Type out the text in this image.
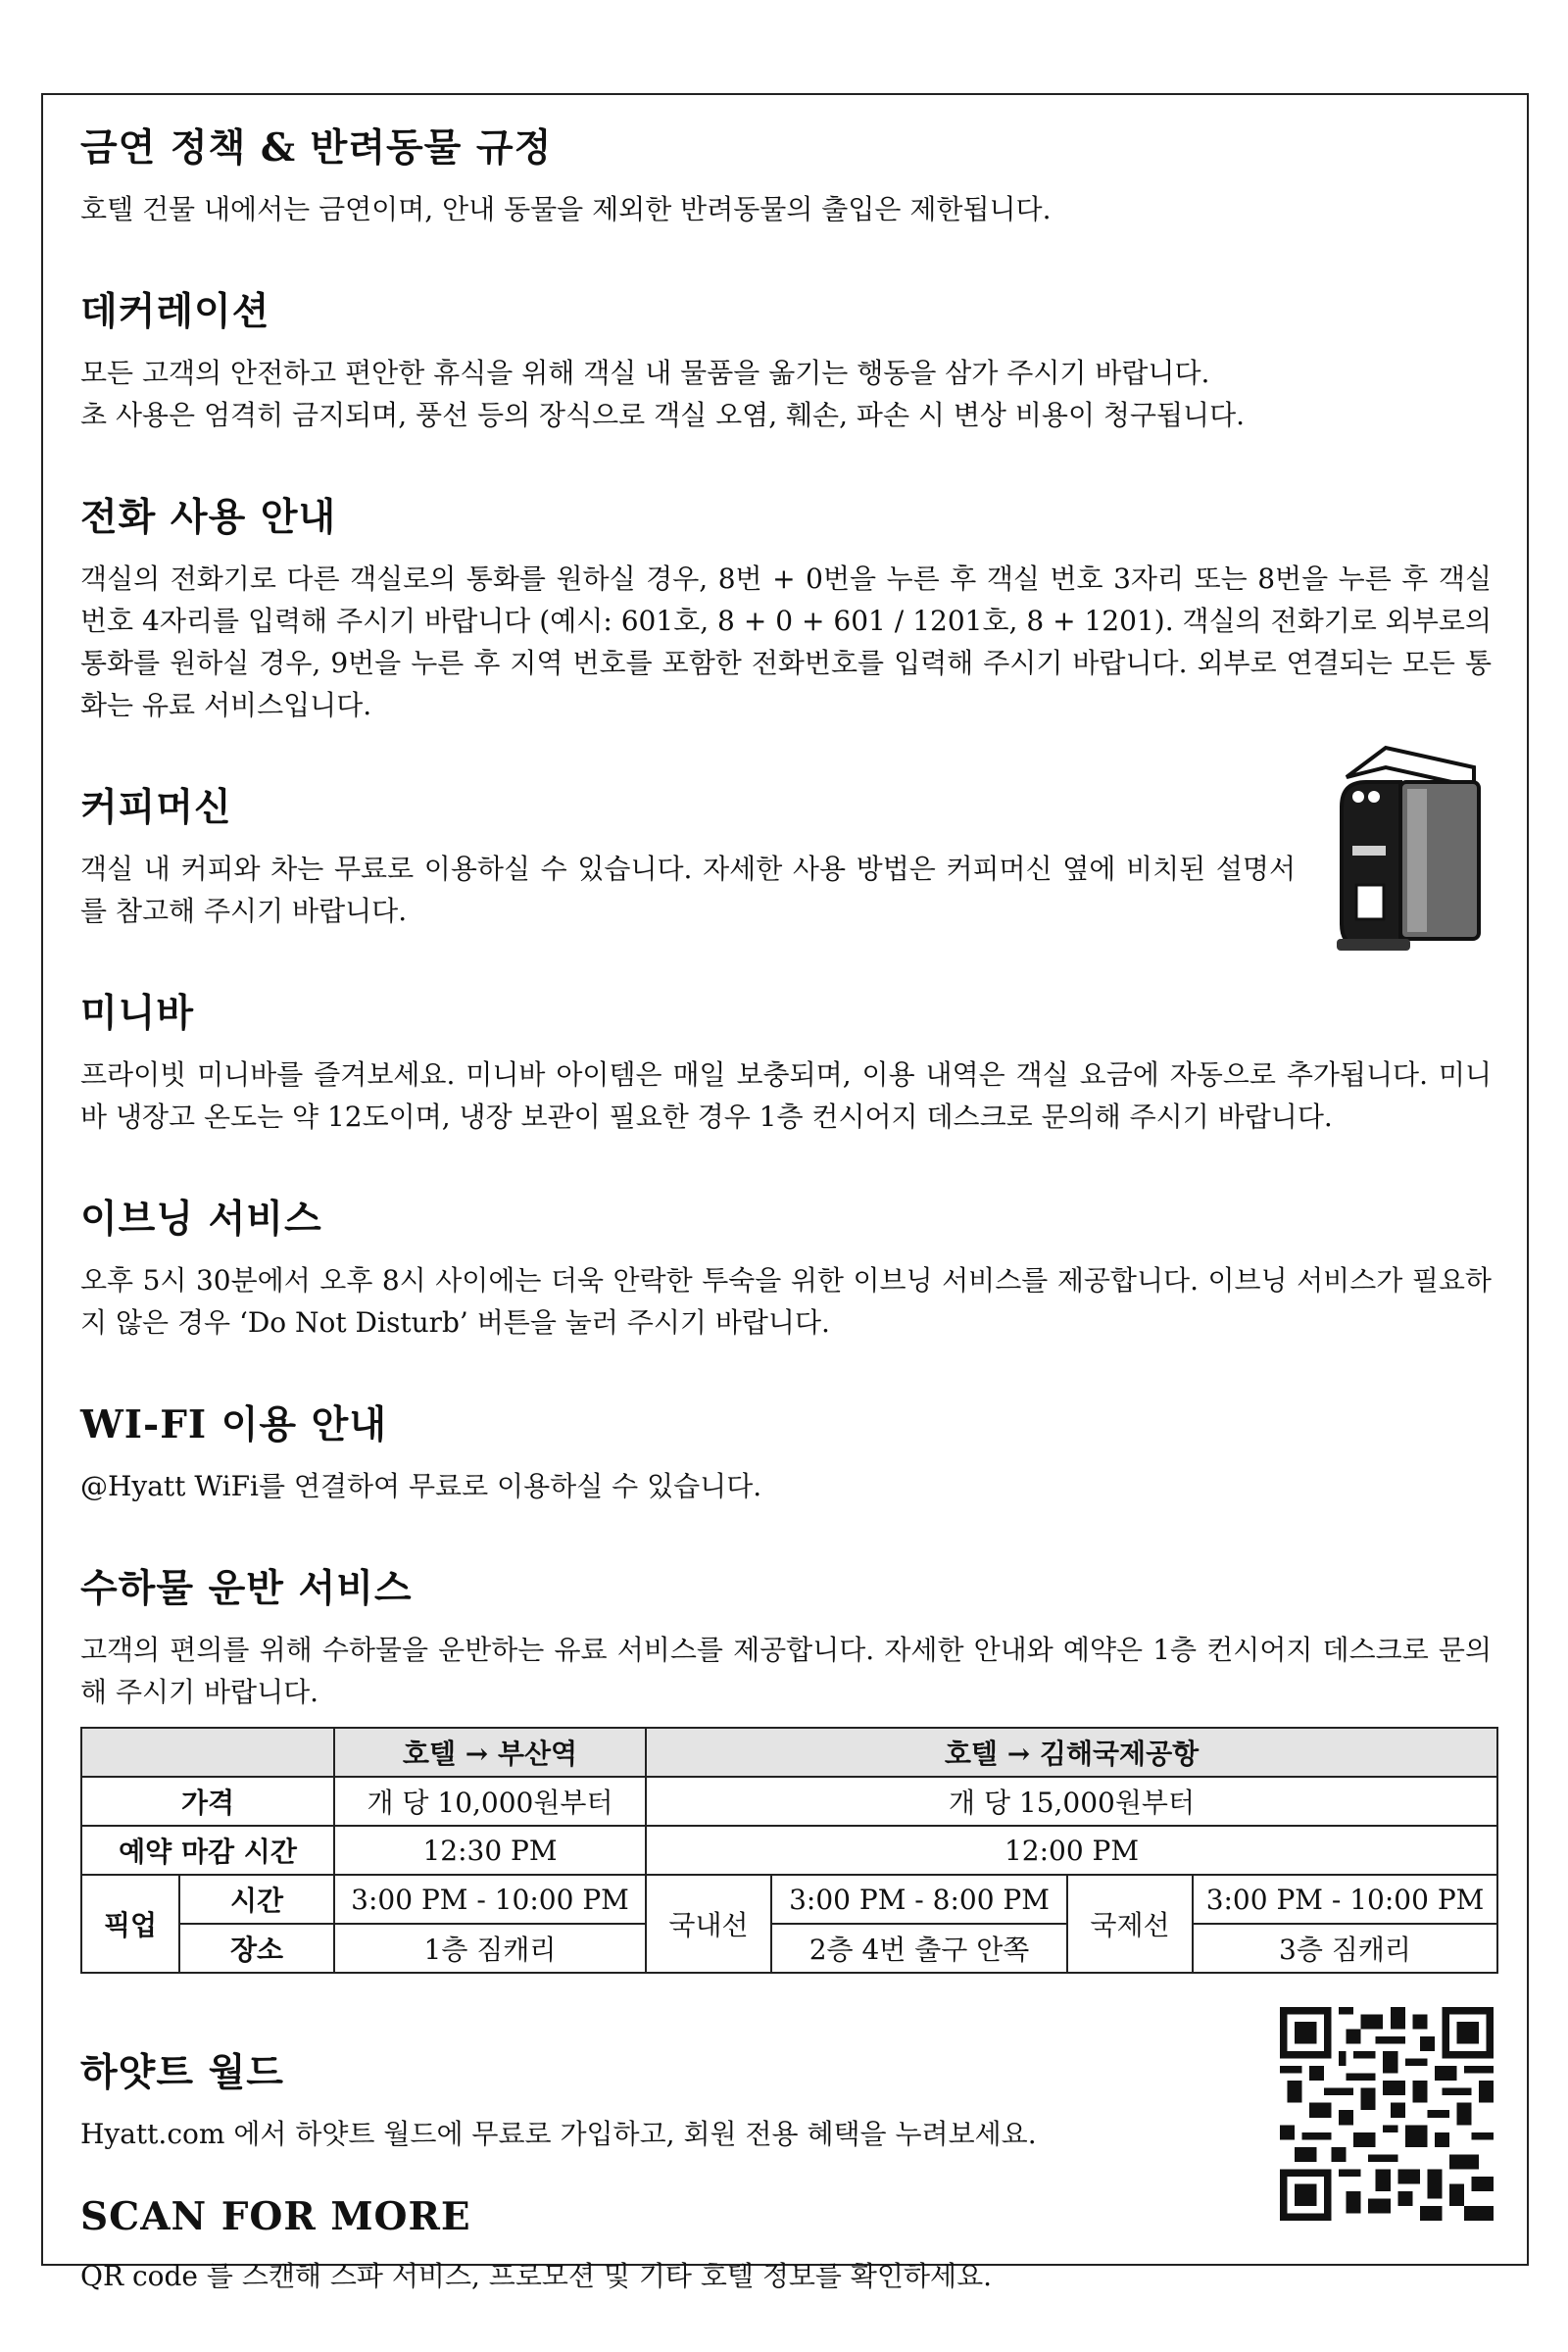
금연 정책 & 반려동물 규정

호텔 건물 내에서는 금연이며, 안내 동물을 제외한 반려동물의 출입은 제한됩니다.

데커레이션

모든 고객의 안전하고 편안한 휴식을 위해 객실 내 물품을 옮기는 행동을 삼가 주시기 바랍니다.

초 사용은 엄격히 금지되며, 풍선 등의 장식으로 객실 오염, 훼손, 파손 시 변상 비용이 청구됩니다.

전화 사용 안내

객실의 전화기로 다른 객실로의 통화를 원하실 경우, 8번 + 0번을 누른 후 객실 번호 3자리 또는 8번을 누른 후 객실 번호 4자리를 입력해 주시기 바랍니다 (예시: 601호, 8 + 0 + 601 / 1201호, 8 + 1201). 객실의 전화기로 외부로의 통화를 원하실 경우, 9번을 누른 후 지역 번호를 포함한 전화번호를 입력해 주시기 바랍니다. 외부로 연결되는 모든 통화는 유료 서비스입니다.

커피머신

객실 내 커피와 차는 무료로 이용하실 수 있습니다. 자세한 사용 방법은 커피머신 옆에 비치된 설명서를 참고해 주시기 바랍니다.

미니바

프라이빗 미니바를 즐겨보세요. 미니바 아이템은 매일 보충되며, 이용 내역은 객실 요금에 자동으로 추가됩니다. 미니바 냉장고 온도는 약 12도이며, 냉장 보관이 필요한 경우 1층 컨시어지 데스크로 문의해 주시기 바랍니다.

이브닝 서비스

오후 5시 30분에서 오후 8시 사이에는 더욱 안락한 투숙을 위한 이브닝 서비스를 제공합니다. 이브닝 서비스가 필요하지 않은 경우 ‘Do Not Disturb’ 버튼을 눌러 주시기 바랍니다.

WI-FI 이용 안내

@Hyatt WiFi를 연결하여 무료로 이용하실 수 있습니다.

수하물 운반 서비스

고객의 편의를 위해 수하물을 운반하는 유료 서비스를 제공합니다. 자세한 안내와 예약은 1층 컨시어지 데스크로 문의해 주시기 바랍니다.

		호텔 → 부산역	호텔 → 김해국제공항			
가격		개 당 10,000원부터	개 당 15,000원부터			
예약 마감 시간		12:30 PM	12:00 PM			
픽업	시간	3:00 PM - 10:00 PM	국내선	3:00 PM - 8:00 PM	국제선	3:00 PM - 10:00 PM
	장소	1층 짐캐리		2층 4번 출구 안쪽		3층 짐캐리
하얏트 월드

Hyatt.com 에서 하얏트 월드에 무료로 가입하고, 회원 전용 혜택을 누려보세요.

SCAN FOR MORE

QR code 를 스캔해 스파 서비스, 프로모션 및 기타 호텔 정보를 확인하세요.
